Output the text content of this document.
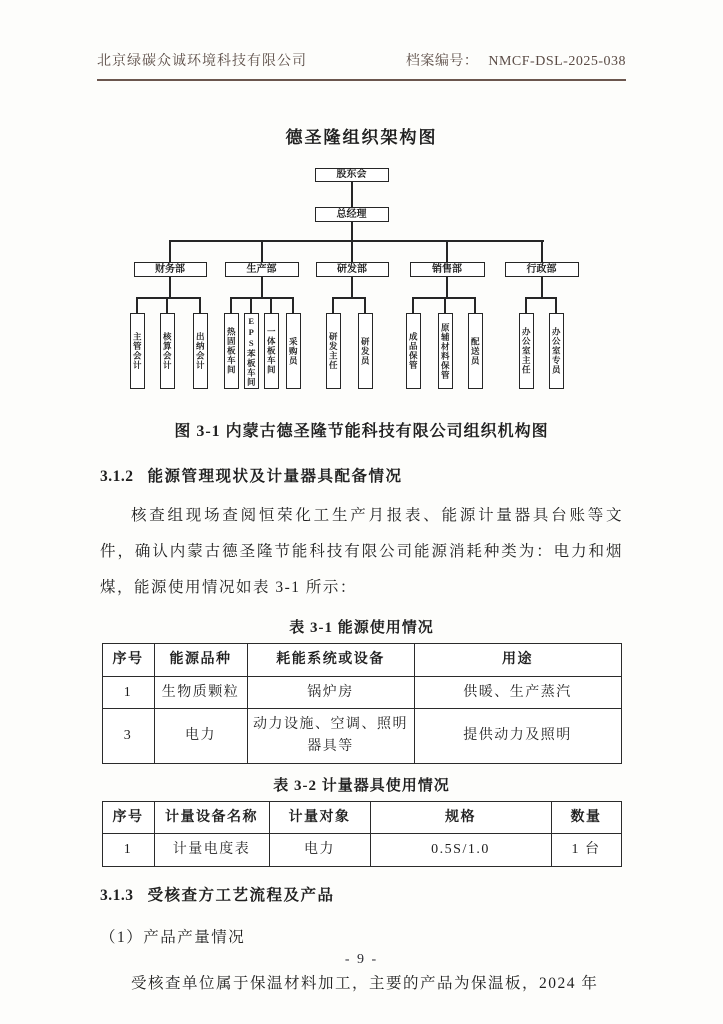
北京绿碳众诚环境科技有限公司	档案编号： NMCF-DSL-2025-038
德圣隆组织架构图
股东会
总经理
财务部	生产部	研发部	销售部	行政部
主管会计	核算会计	出纳会计	热固板车间	EPS苯板车间	一体板车间	采购员	研发主任	研发员	成品保管	原辅材料保管	配送员	办公室主任	办公室专员
图 3-1 内蒙古德圣隆节能科技有限公司组织机构图
3.1.2 能源管理现状及计量器具配备情况

核查组现场查阅恒荣化工生产月报表、能源计量器具台账等文件，确认内蒙古德圣隆节能科技有限公司能源消耗种类为：电力和烟煤，能源使用情况如表 3-1 所示：

表 3-1 能源使用情况
序号	能源品种	耗能系统或设备	用途
1	生物质颗粒	锅炉房	供暖、生产蒸汽
3	电力	动力设施、空调、照明器具等	提供动力及照明
表 3-2 计量器具使用情况
序号	计量设备名称	计量对象	规格	数量
1	计量电度表	电力	0.5S/1.0	1 台
3.1.3 受核查方工艺流程及产品

（1）产品产量情况

受核查单位属于保温材料加工，主要的产品为保温板，2024 年

- 9 -
